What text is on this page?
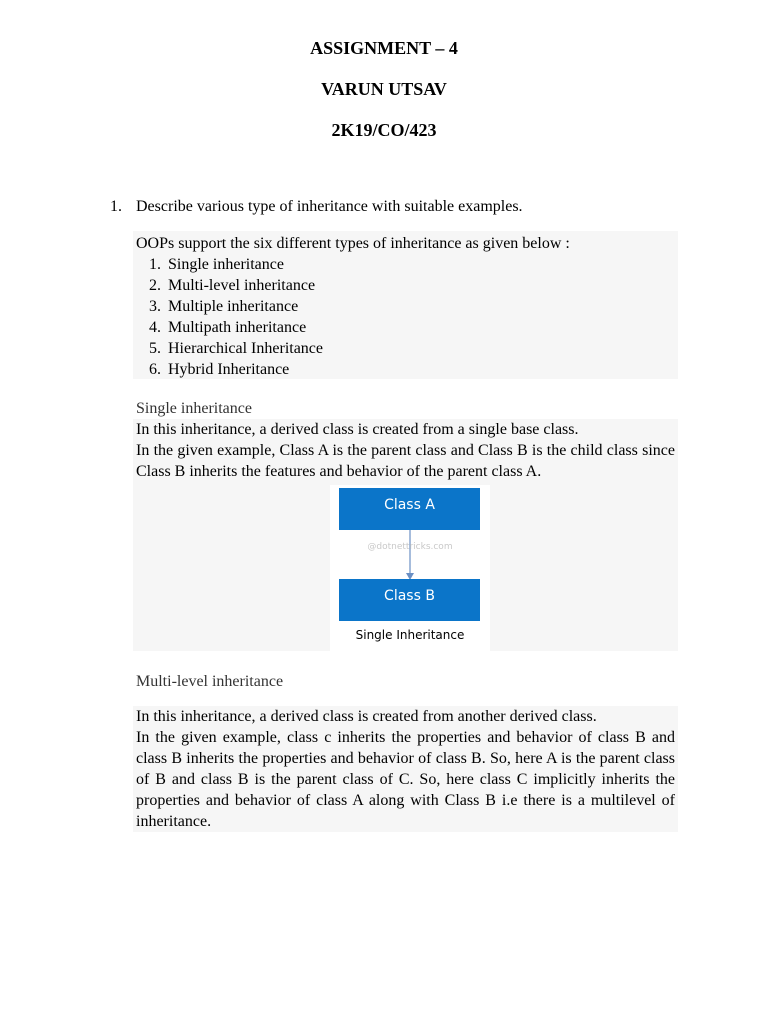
ASSIGNMENT – 4
VARUN UTSAV
2K19/CO/423
1. Describe various type of inheritance with suitable examples.

OOPs support the six different types of inheritance as given below :

1. Single inheritance
2. Multi-level inheritance
3. Multiple inheritance
4. Multipath inheritance
5. Hierarchical Inheritance
6. Hybrid Inheritance
Single inheritance

In this inheritance, a derived class is created from a single base class.

In the given example, Class A is the parent class and Class B is the child class since Class B inherits the features and behavior of the parent class A.

Class A
@dotnettricks.com
Class B
Single Inheritance
Multi-level inheritance

In this inheritance, a derived class is created from another derived class.

In the given example, class c inherits the properties and behavior of class B and class B inherits the properties and behavior of class B. So, here A is the parent class of B and class B is the parent class of C. So, here class C implicitly inherits the properties and behavior of class A along with Class B i.e there is a multilevel of inheritance.
